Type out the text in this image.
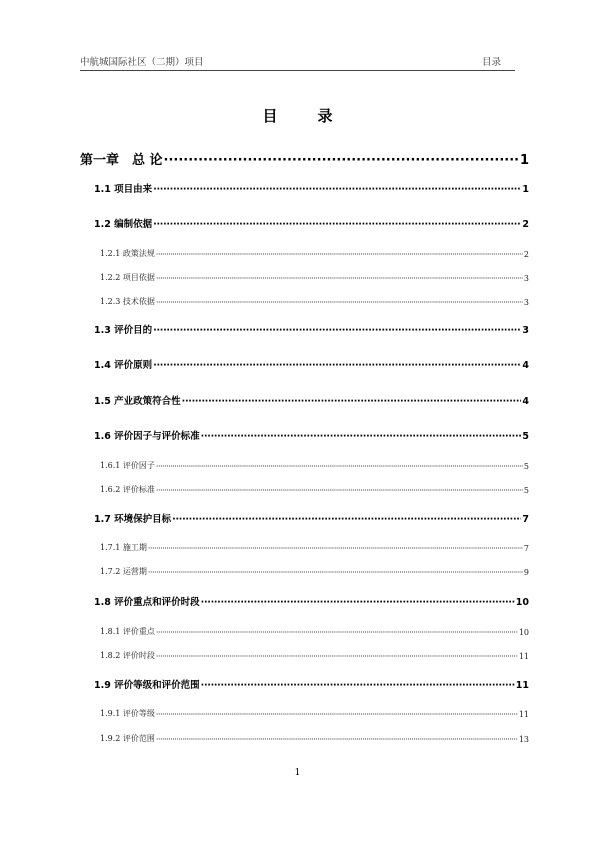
中航城国际社区（二期）项目	目录
目	录
第一章　总 论 ·····	1
1.1 项目由来 ·····	1
1.2 编制依据 ·····	2
1.2.1 政策法规 ·····	2
1.2.2 项目依据 ·····	3
1.2.3 技术依据 ·····	3
1.3 评价目的 ·····	3
1.4 评价原则 ·····	4
1.5 产业政策符合性 ·····	4
1.6 评价因子与评价标准 ·····	5
1.6.1 评价因子 ·····	5
1.6.2 评价标准 ·····	5
1.7 环境保护目标 ·····	7
1.7.1 施工期 ·····	7
1.7.2 运营期 ·····	9
1.8 评价重点和评价时段 ·····	10
1.8.1 评价重点 ·····	10
1.8.2 评价时段 ·····	11
1.9 评价等级和评价范围 ·····	11
1.9.1 评价等级 ·····	11
1.9.2 评价范围 ·····	13
1
